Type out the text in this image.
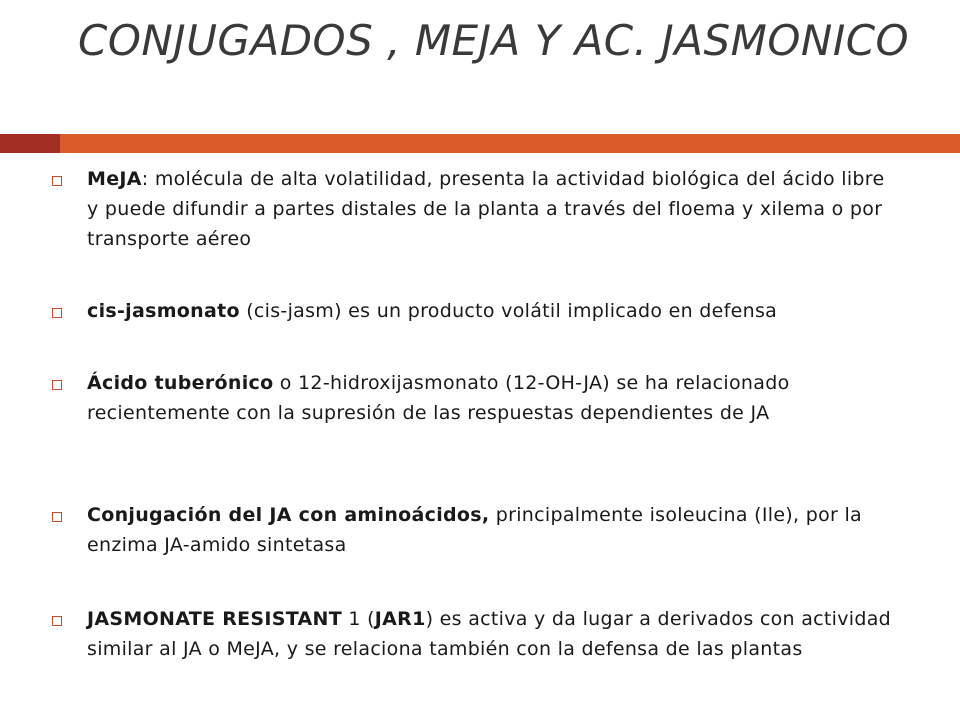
CONJUGADOS , MEJA Y AC. JASMONICO
MeJA: molécula de alta volatilidad, presenta la actividad biológica del ácido libre y puede difundir a partes distales de la planta a través del floema y xilema o por transporte aéreo
cis-jasmonato (cis-jasm) es un producto volátil implicado en defensa
Ácido tuberónico o 12-hidroxijasmonato (12-OH-JA) se ha relacionado recientemente con la supresión de las respuestas dependientes de JA
Conjugación del JA con aminoácidos, principalmente isoleucina (Ile), por la enzima JA-amido sintetasa
JASMONATE RESISTANT 1 (JAR1) es activa y da lugar a derivados con actividad similar al JA o MeJA, y se relaciona también con la defensa de las plantas
